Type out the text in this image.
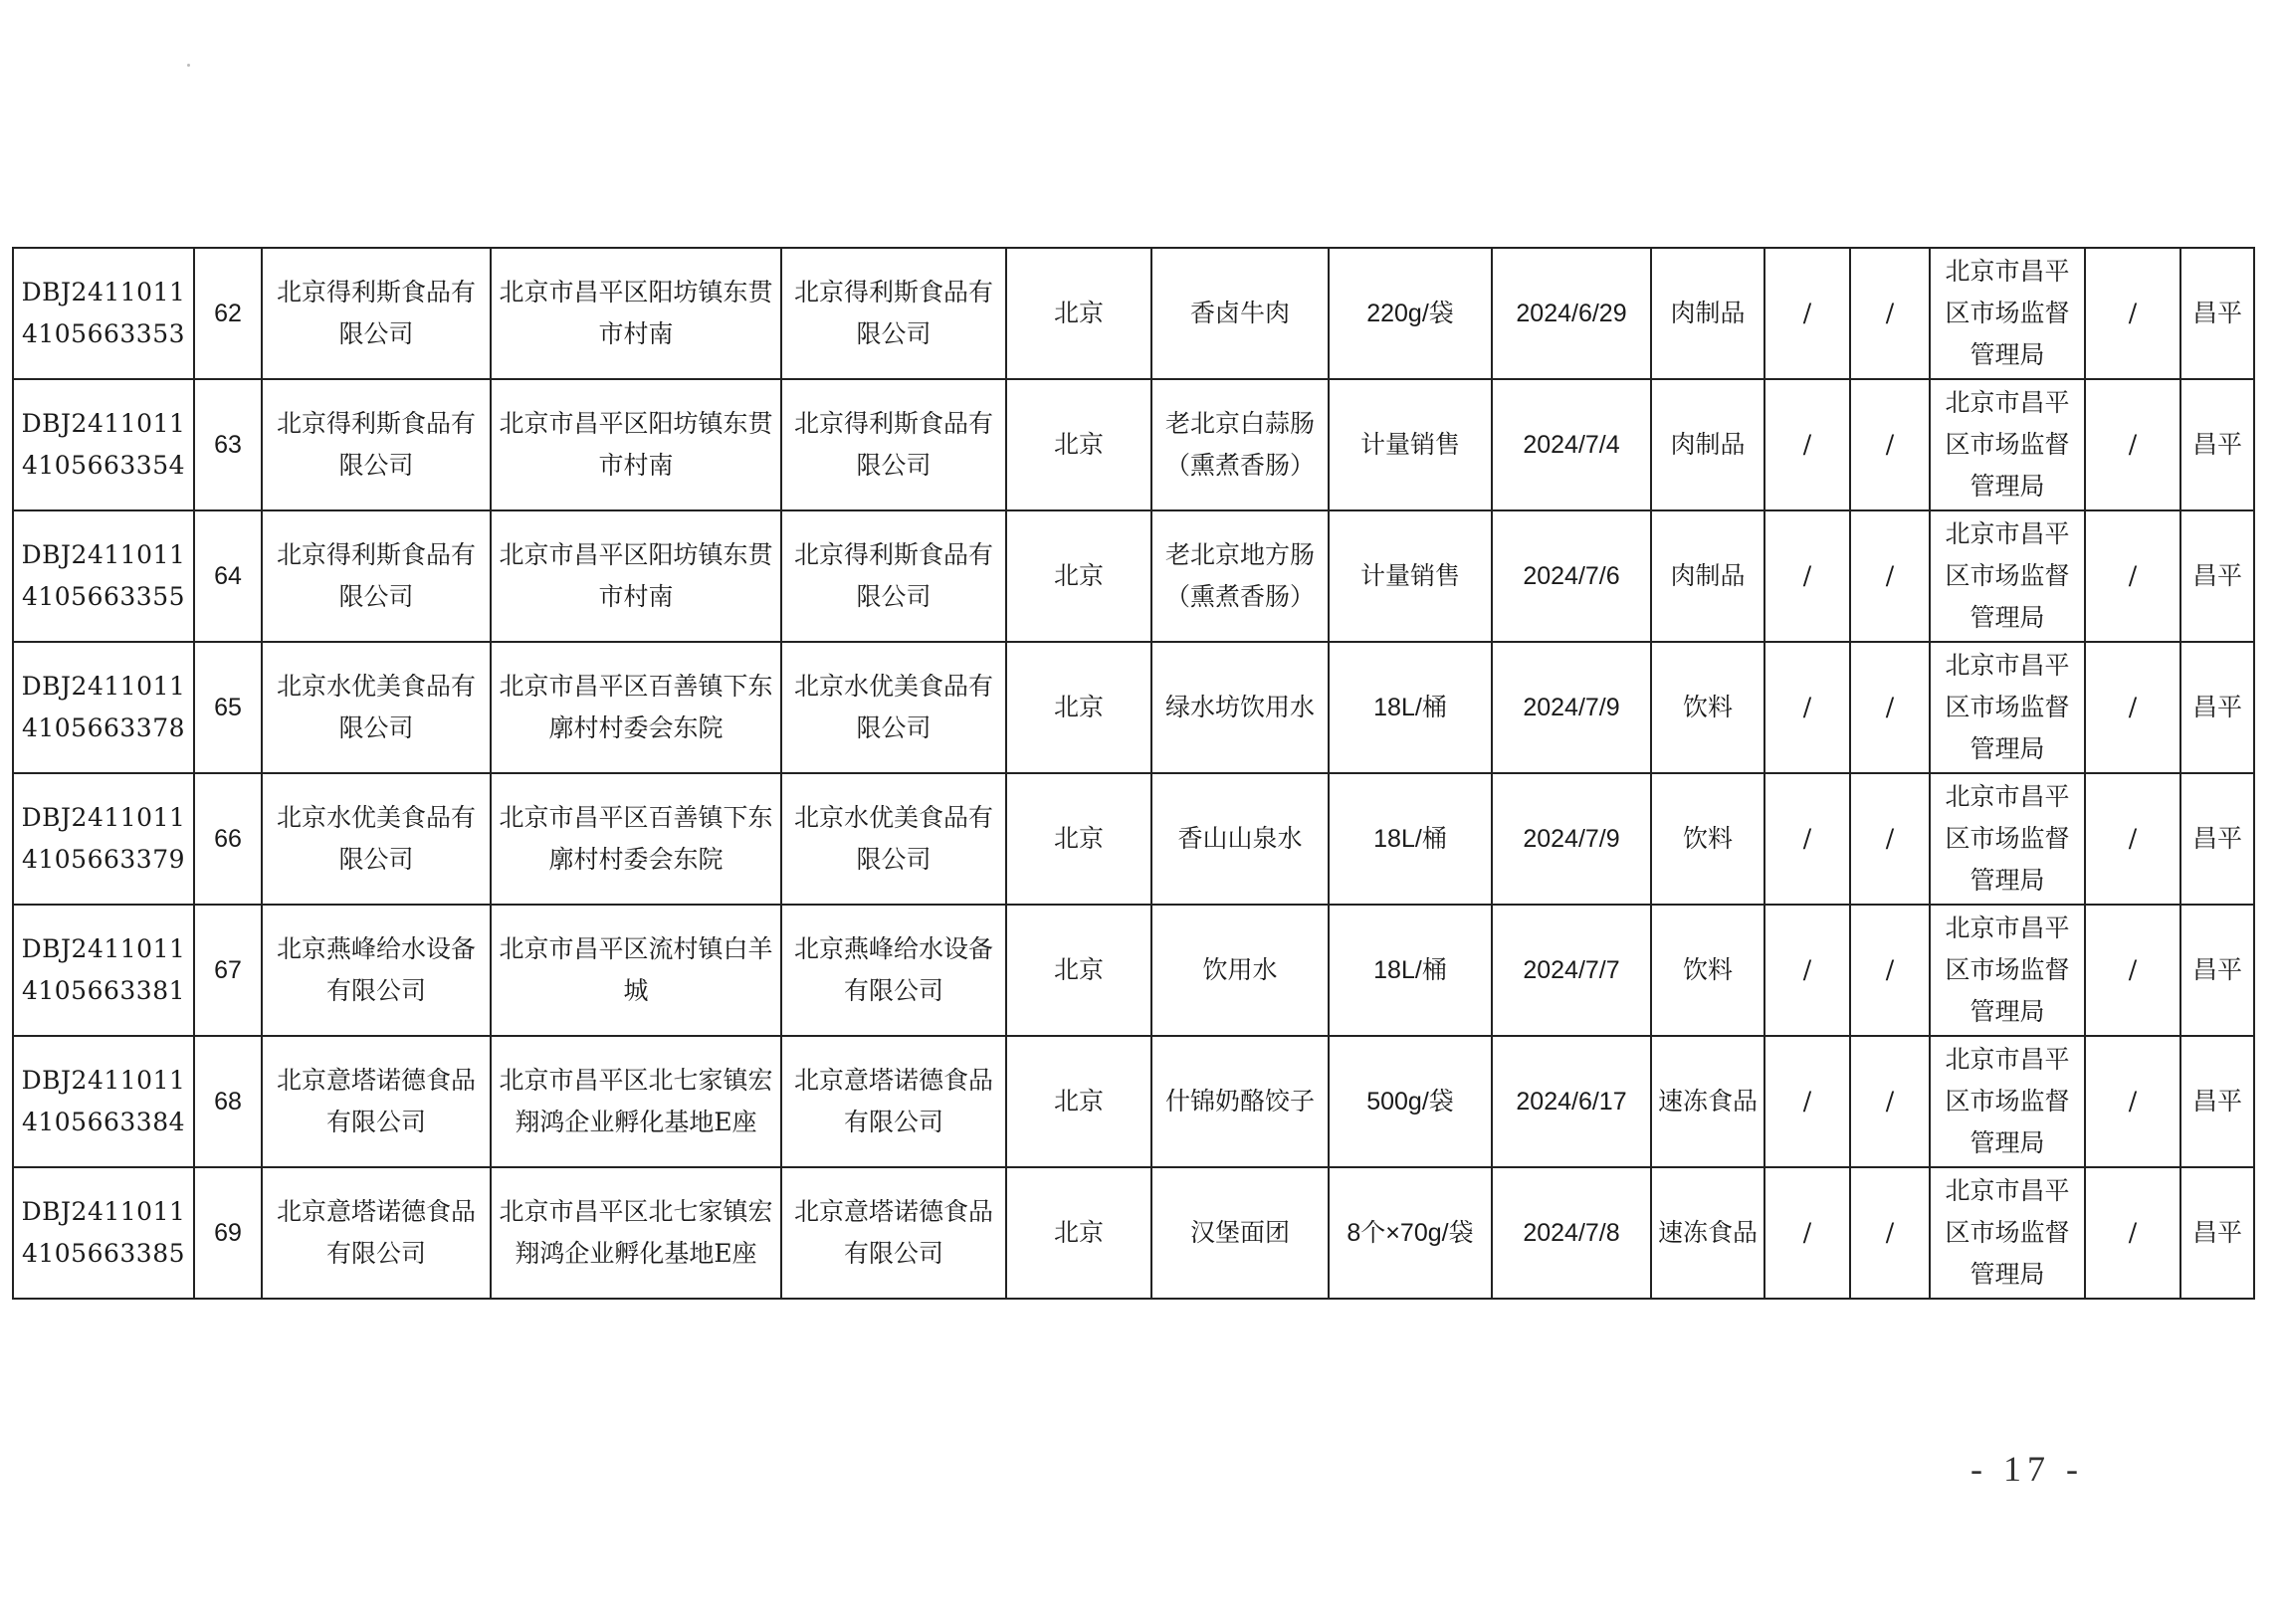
DBJ24110114105663353	62	北京得利斯食品有限公司	北京市昌平区阳坊镇东贯市村南	北京得利斯食品有限公司	北京	香卤牛肉	220g/袋	2024/6/29	肉制品	/	/	北京市昌平区市场监督管理局	/	昌平
DBJ24110114105663354	63	北京得利斯食品有限公司	北京市昌平区阳坊镇东贯市村南	北京得利斯食品有限公司	北京	老北京白蒜肠（熏煮香肠）	计量销售	2024/7/4	肉制品	/	/	北京市昌平区市场监督管理局	/	昌平
DBJ24110114105663355	64	北京得利斯食品有限公司	北京市昌平区阳坊镇东贯市村南	北京得利斯食品有限公司	北京	老北京地方肠（熏煮香肠）	计量销售	2024/7/6	肉制品	/	/	北京市昌平区市场监督管理局	/	昌平
DBJ24110114105663378	65	北京水优美食品有限公司	北京市昌平区百善镇下东廓村村委会东院	北京水优美食品有限公司	北京	绿水坊饮用水	18L/桶	2024/7/9	饮料	/	/	北京市昌平区市场监督管理局	/	昌平
DBJ24110114105663379	66	北京水优美食品有限公司	北京市昌平区百善镇下东廓村村委会东院	北京水优美食品有限公司	北京	香山山泉水	18L/桶	2024/7/9	饮料	/	/	北京市昌平区市场监督管理局	/	昌平
DBJ24110114105663381	67	北京燕峰给水设备有限公司	北京市昌平区流村镇白羊城	北京燕峰给水设备有限公司	北京	饮用水	18L/桶	2024/7/7	饮料	/	/	北京市昌平区市场监督管理局	/	昌平
DBJ24110114105663384	68	北京意塔诺德食品有限公司	北京市昌平区北七家镇宏翔鸿企业孵化基地E座	北京意塔诺德食品有限公司	北京	什锦奶酪饺子	500g/袋	2024/6/17	速冻食品	/	/	北京市昌平区市场监督管理局	/	昌平
DBJ24110114105663385	69	北京意塔诺德食品有限公司	北京市昌平区北七家镇宏翔鸿企业孵化基地E座	北京意塔诺德食品有限公司	北京	汉堡面团	8个×70g/袋	2024/7/8	速冻食品	/	/	北京市昌平区市场监督管理局	/	昌平
- 17 -
